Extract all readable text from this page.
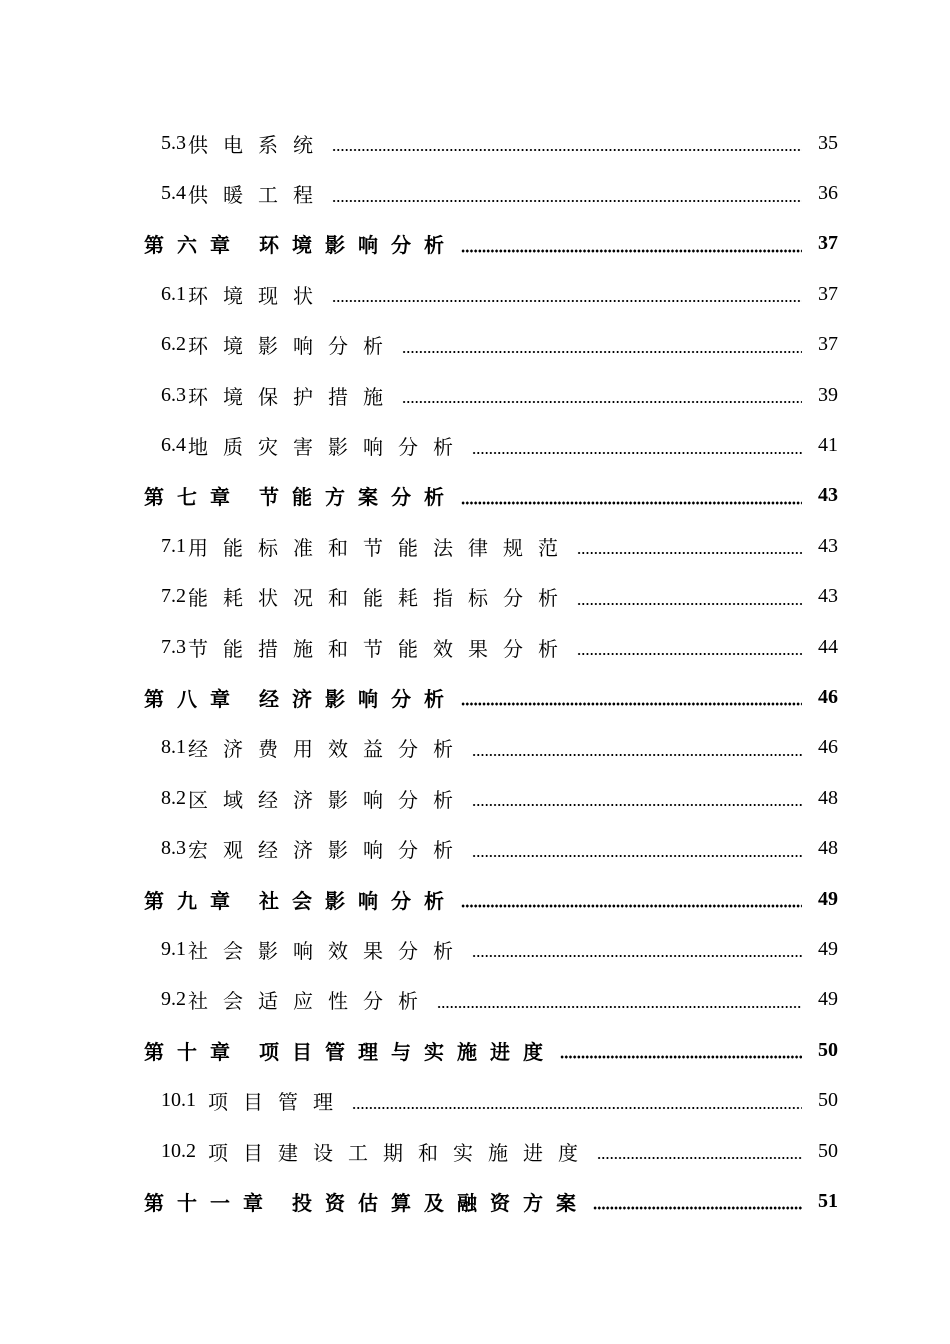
5.3 供电系统	35
5.4 供暖工程	36
第六章 环境影响分析	37
6.1 环境现状	37
6.2 环境影响分析	37
6.3 环境保护措施	39
6.4 地质灾害影响分析	41
第七章 节能方案分析	43
7.1 用能标准和节能法律规范	43
7.2 能耗状况和能耗指标分析	43
7.3 节能措施和节能效果分析	44
第八章 经济影响分析	46
8.1 经济费用效益分析	46
8.2 区域经济影响分析	48
8.3 宏观经济影响分析	48
第九章 社会影响分析	49
9.1 社会影响效果分析	49
9.2 社会适应性分析	49
第十章 项目管理与实施进度	50
10.1 项目管理	50
10.2 项目建设工期和实施进度	50
第十一章 投资估算及融资方案	51
